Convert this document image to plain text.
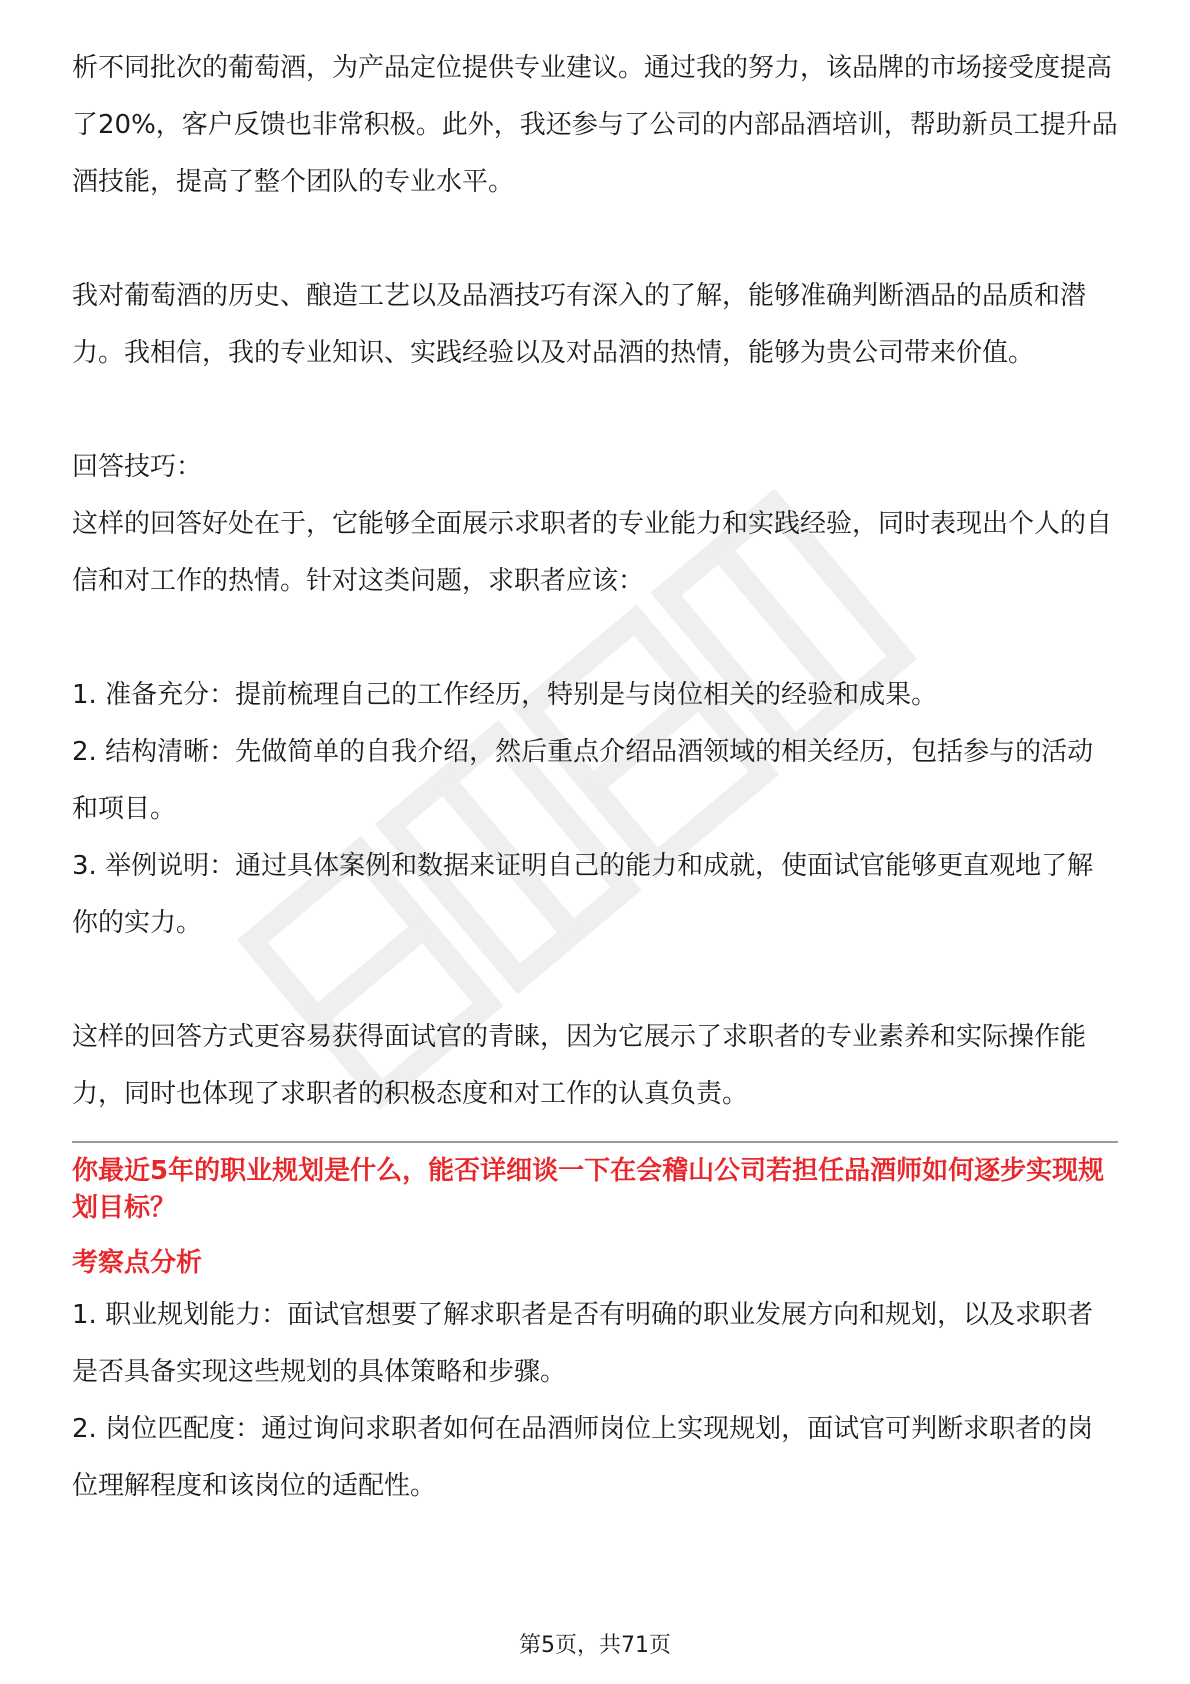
析不同批次的葡萄酒，为产品定位提供专业建议。通过我的努力，该品牌的市场接受度提高了20%，客户反馈也非常积极。此外，我还参与了公司的内部品酒培训，帮助新员工提升品酒技能，提高了整个团队的专业水平。

我对葡萄酒的历史、酿造工艺以及品酒技巧有深入的了解，能够准确判断酒品的品质和潜力。我相信，我的专业知识、实践经验以及对品酒的热情，能够为贵公司带来价值。

回答技巧：

这样的回答好处在于，它能够全面展示求职者的专业能力和实践经验，同时表现出个人的自信和对工作的热情。针对这类问题，求职者应该：

1. 准备充分：提前梳理自己的工作经历，特别是与岗位相关的经验和成果。

2. 结构清晰：先做简单的自我介绍，然后重点介绍品酒领域的相关经历，包括参与的活动和项目。

3. 举例说明：通过具体案例和数据来证明自己的能力和成就，使面试官能够更直观地了解你的实力。

这样的回答方式更容易获得面试官的青睐，因为它展示了求职者的专业素养和实际操作能力，同时也体现了求职者的积极态度和对工作的认真负责。

你最近5年的职业规划是什么，能否详细谈一下在会稽山公司若担任品酒师如何逐步实现规划目标？

考察点分析

1. 职业规划能力：面试官想要了解求职者是否有明确的职业发展方向和规划，以及求职者是否具备实现这些规划的具体策略和步骤。

2. 岗位匹配度：通过询问求职者如何在品酒师岗位上实现规划，面试官可判断求职者的岗位理解程度和该岗位的适配性。

第5页，共71页
